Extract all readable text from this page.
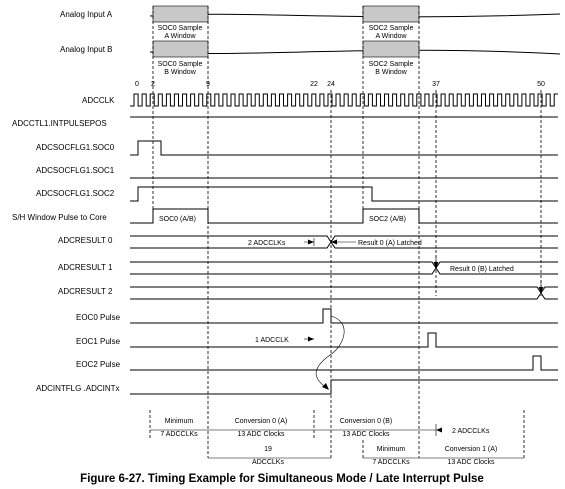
Analog Input A
Analog Input B
SOC0 Sample
A Window
SOC0 Sample
B Window
SOC2 Sample
A Window
SOC2 Sample
B Window
0 2	9	22 24	37	50
ADCCLK
ADCCTL1.INTPULSEPOS
ADCSOCFLG1.SOC0
ADCSOCFLG1.SOC1
ADCSOCFLG1.SOC2
S/H Window Pulse to Core	SOC0 (A/B)	SOC2 (A/B)
ADCRESULT 0	2 ADCCLKs	Result 0 (A) Latched
ADCRESULT 1	Result 0 (B) Latched
ADCRESULT 2
EOC0 Pulse
EOC1 Pulse	1 ADCCLK
EOC2 Pulse
ADCINTFLG .ADCINTx
Minimum
7 ADCCLKs
Conversion 0 (A)
13 ADC Clocks
Conversion 0 (B)
13 ADC Clocks	2 ADCCLKs
19
ADCCLKs
Minimum
7 ADCCLKs
Conversion 1 (A)
13 ADC Clocks
Figure 6-27. Timing Example for Simultaneous Mode / Late Interrupt Pulse
